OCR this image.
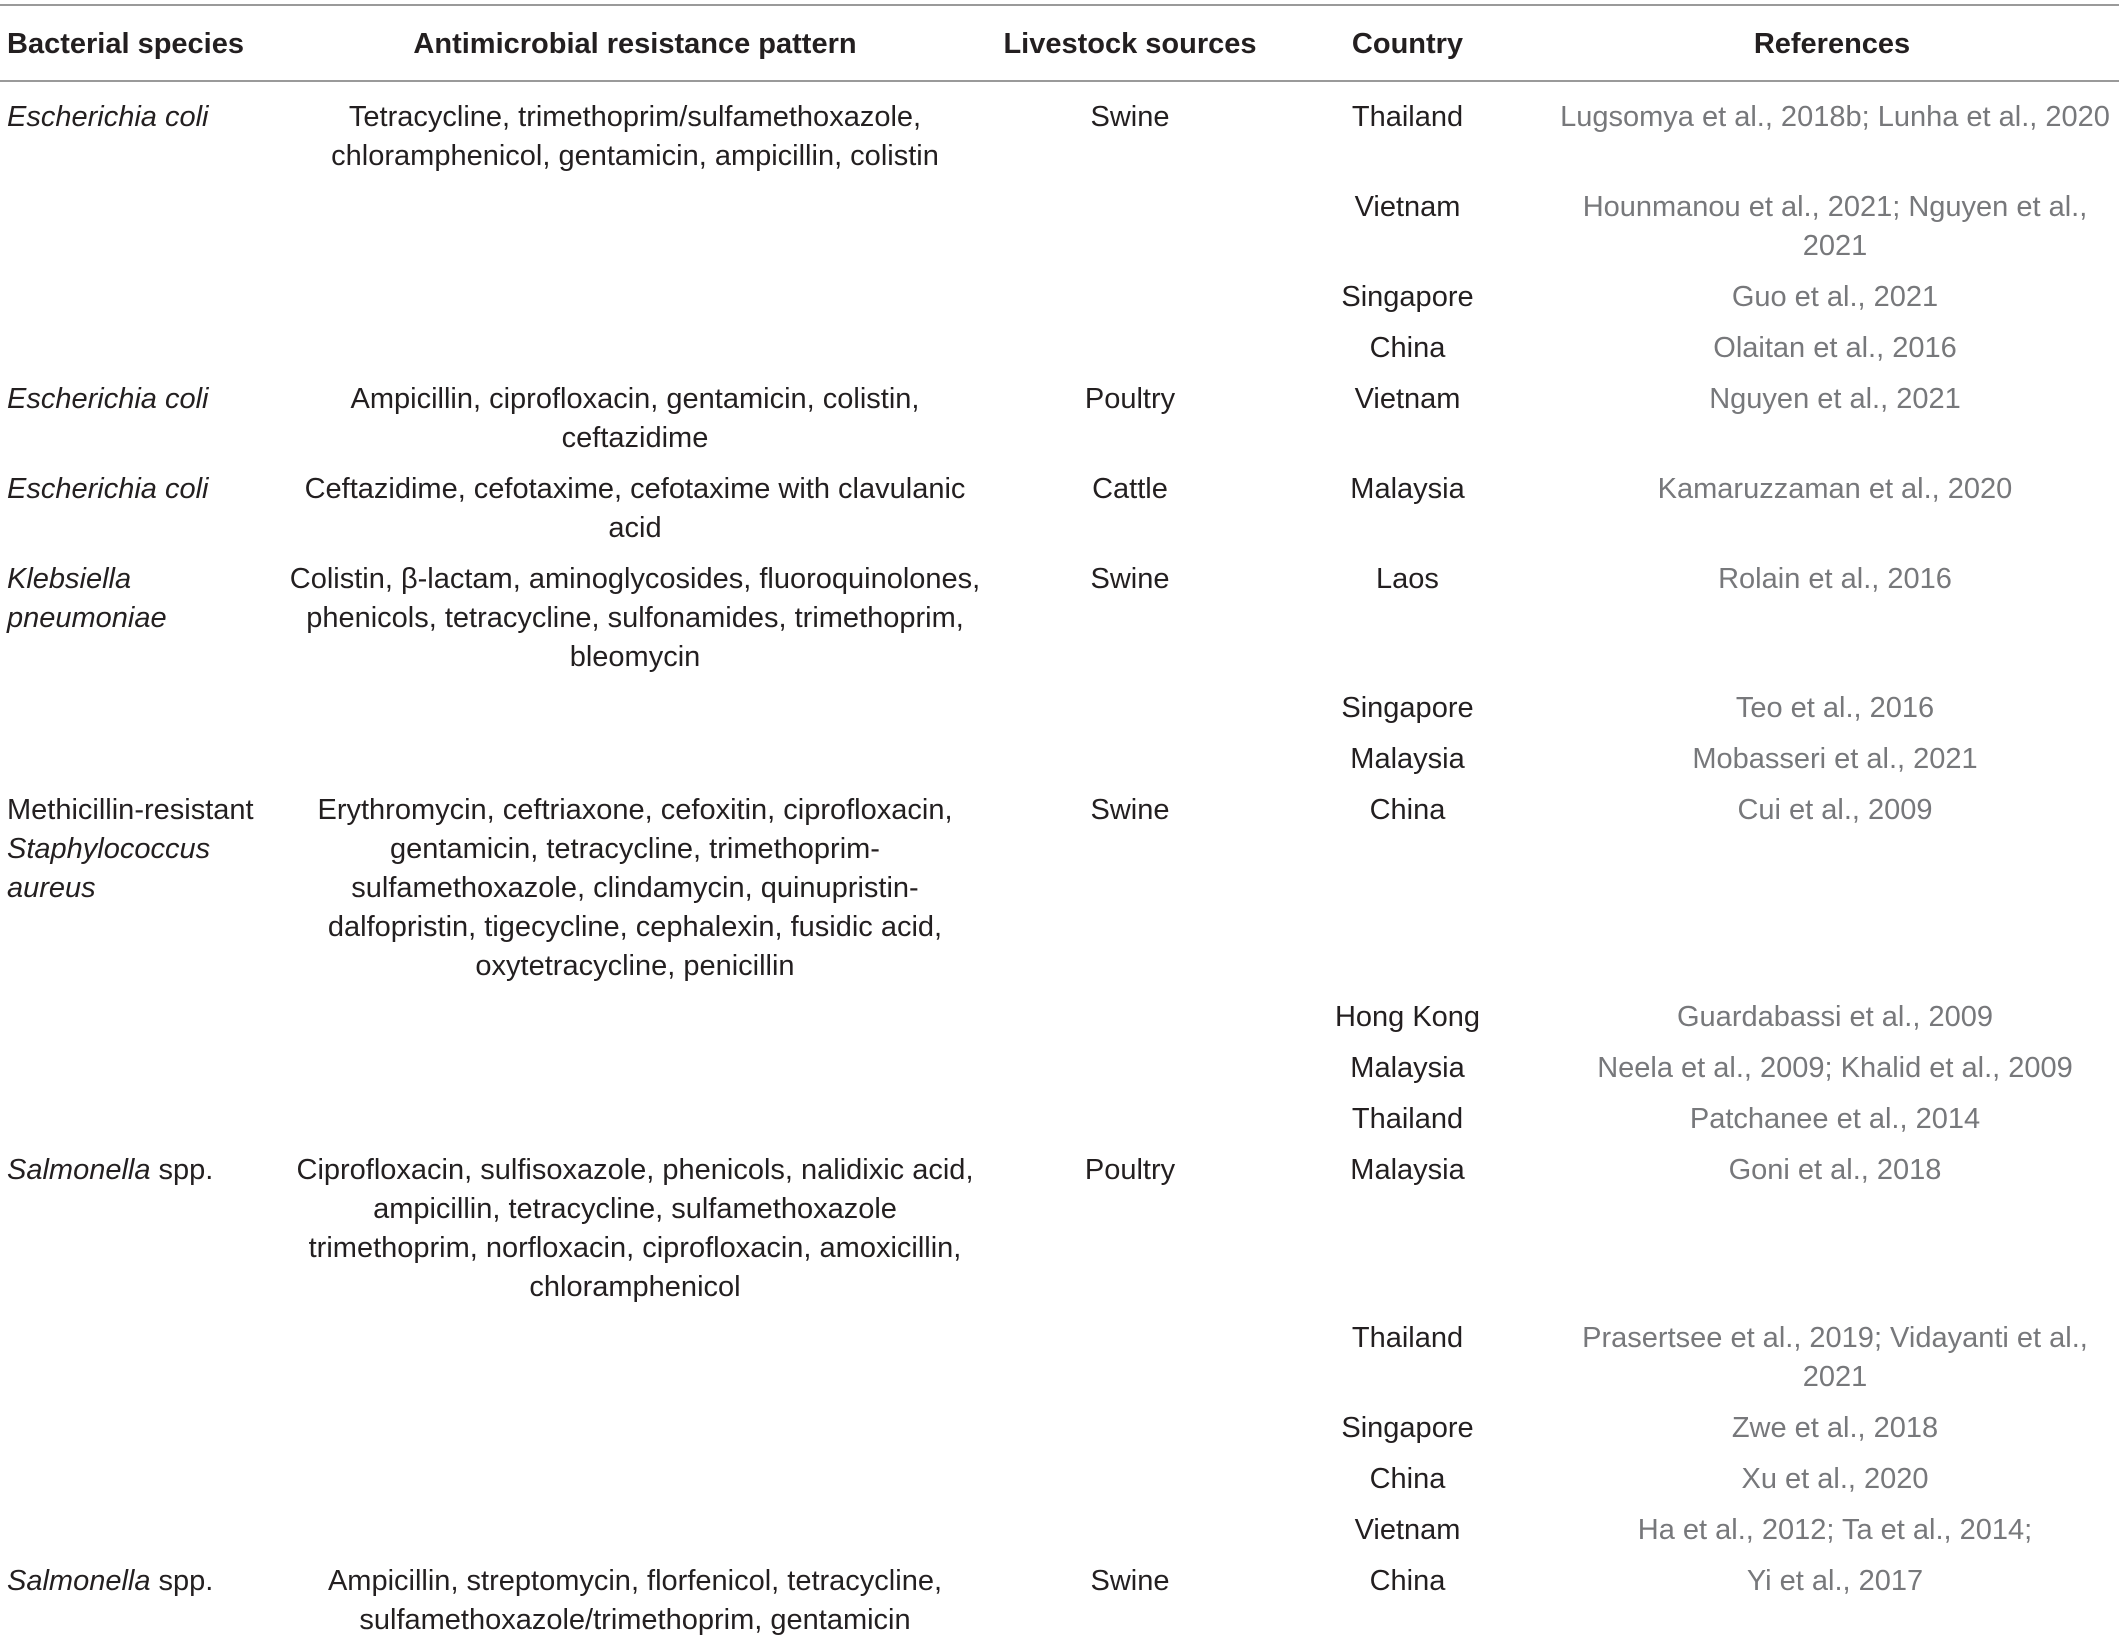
Bacterial species	Antimicrobial resistance pattern	Livestock sources	Country	References
Escherichia coli	Tetracycline, trimethoprim/sulfamethoxazole, chloramphenicol, gentamicin, ampicillin, colistin	Swine	Thailand	Lugsomya et al., 2018b; Lunha et al., 2020
			Vietnam	Hounmanou et al., 2021; Nguyen et al., 2021
			Singapore	Guo et al., 2021
			China	Olaitan et al., 2016
Escherichia coli	Ampicillin, ciprofloxacin, gentamicin, colistin, ceftazidime	Poultry	Vietnam	Nguyen et al., 2021
Escherichia coli	Ceftazidime, cefotaxime, cefotaxime with clavulanic acid	Cattle	Malaysia	Kamaruzzaman et al., 2020
Klebsiella pneumoniae	Colistin, β-lactam, aminoglycosides, fluoroquinolones, phenicols, tetracycline, sulfonamides, trimethoprim, bleomycin	Swine	Laos	Rolain et al., 2016
			Singapore	Teo et al., 2016
			Malaysia	Mobasseri et al., 2021
Methicillin-resistant Staphylococcus aureus	Erythromycin, ceftriaxone, cefoxitin, ciprofloxacin, gentamicin, tetracycline, trimethoprim-sulfamethoxazole, clindamycin, quinupristin-dalfopristin, tigecycline, cephalexin, fusidic acid, oxytetracycline, penicillin	Swine	China	Cui et al., 2009
			Hong Kong	Guardabassi et al., 2009
			Malaysia	Neela et al., 2009; Khalid et al., 2009
			Thailand	Patchanee et al., 2014
Salmonella spp.	Ciprofloxacin, sulfisoxazole, phenicols, nalidixic acid, ampicillin, tetracycline, sulfamethoxazole trimethoprim, norfloxacin, ciprofloxacin, amoxicillin, chloramphenicol	Poultry	Malaysia	Goni et al., 2018
			Thailand	Prasertsee et al., 2019; Vidayanti et al., 2021
			Singapore	Zwe et al., 2018
			China	Xu et al., 2020
			Vietnam	Ha et al., 2012; Ta et al., 2014;
Salmonella spp.	Ampicillin, streptomycin, florfenicol, tetracycline, sulfamethoxazole/trimethoprim, gentamicin	Swine	China	Yi et al., 2017
